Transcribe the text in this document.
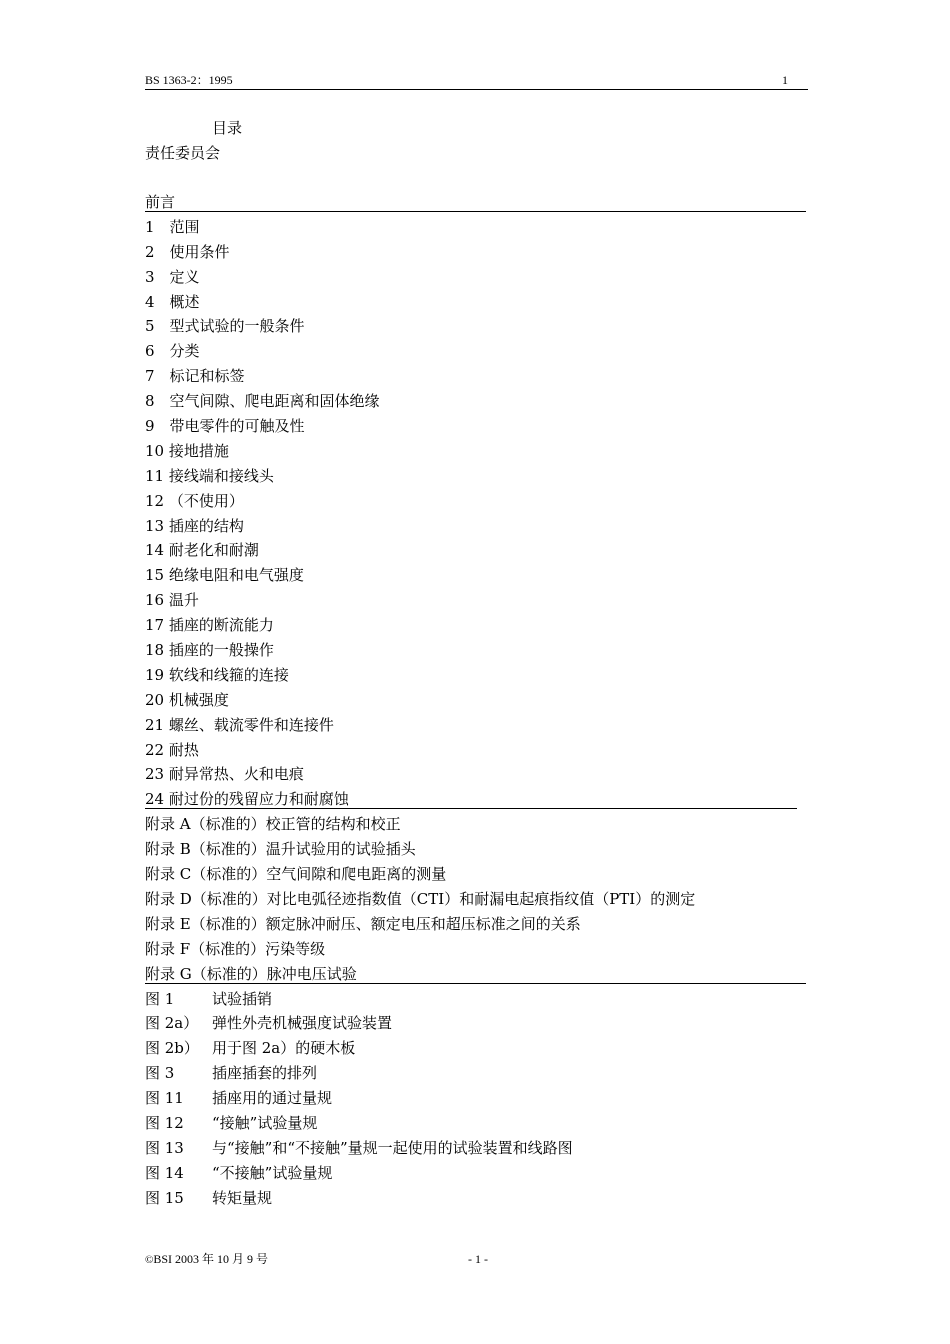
BS 1363-2：1995	1
目录
责任委员会
前言
1　范围
2　使用条件
3　定义
4　概述
5　型式试验的一般条件
6　分类
7　标记和标签
8　空气间隙、爬电距离和固体绝缘
9　带电零件的可触及性
10 接地措施
11 接线端和接线头
12 （不使用）
13 插座的结构
14 耐老化和耐潮
15 绝缘电阻和电气强度
16 温升
17 插座的断流能力
18 插座的一般操作
19 软线和线箍的连接
20 机械强度
21 螺丝、载流零件和连接件
22 耐热
23 耐异常热、火和电痕
24 耐过份的残留应力和耐腐蚀
附录 A（标准的）校正管的结构和校正
附录 B（标准的）温升试验用的试验插头
附录 C（标准的）空气间隙和爬电距离的测量
附录 D（标准的）对比电弧径迹指数值（CTI）和耐漏电起痕指纹值（PTI）的测定
附录 E（标准的）额定脉冲耐压、额定电压和超压标准之间的关系
附录 F（标准的）污染等级
附录 G（标准的）脉冲电压试验
图 1	试验插销
图 2a） 弹性外壳机械强度试验装置
图 2b） 用于图 2a）的硬木板
图 3	插座插套的排列
图 11 插座用的通过量规
图 12 “接触”试验量规
图 13 与“接触”和“不接触”量规一起使用的试验装置和线路图
图 14 “不接触”试验量规
图 15 转矩量规
©BSI 2003 年 10 月 9 号	- 1 -
